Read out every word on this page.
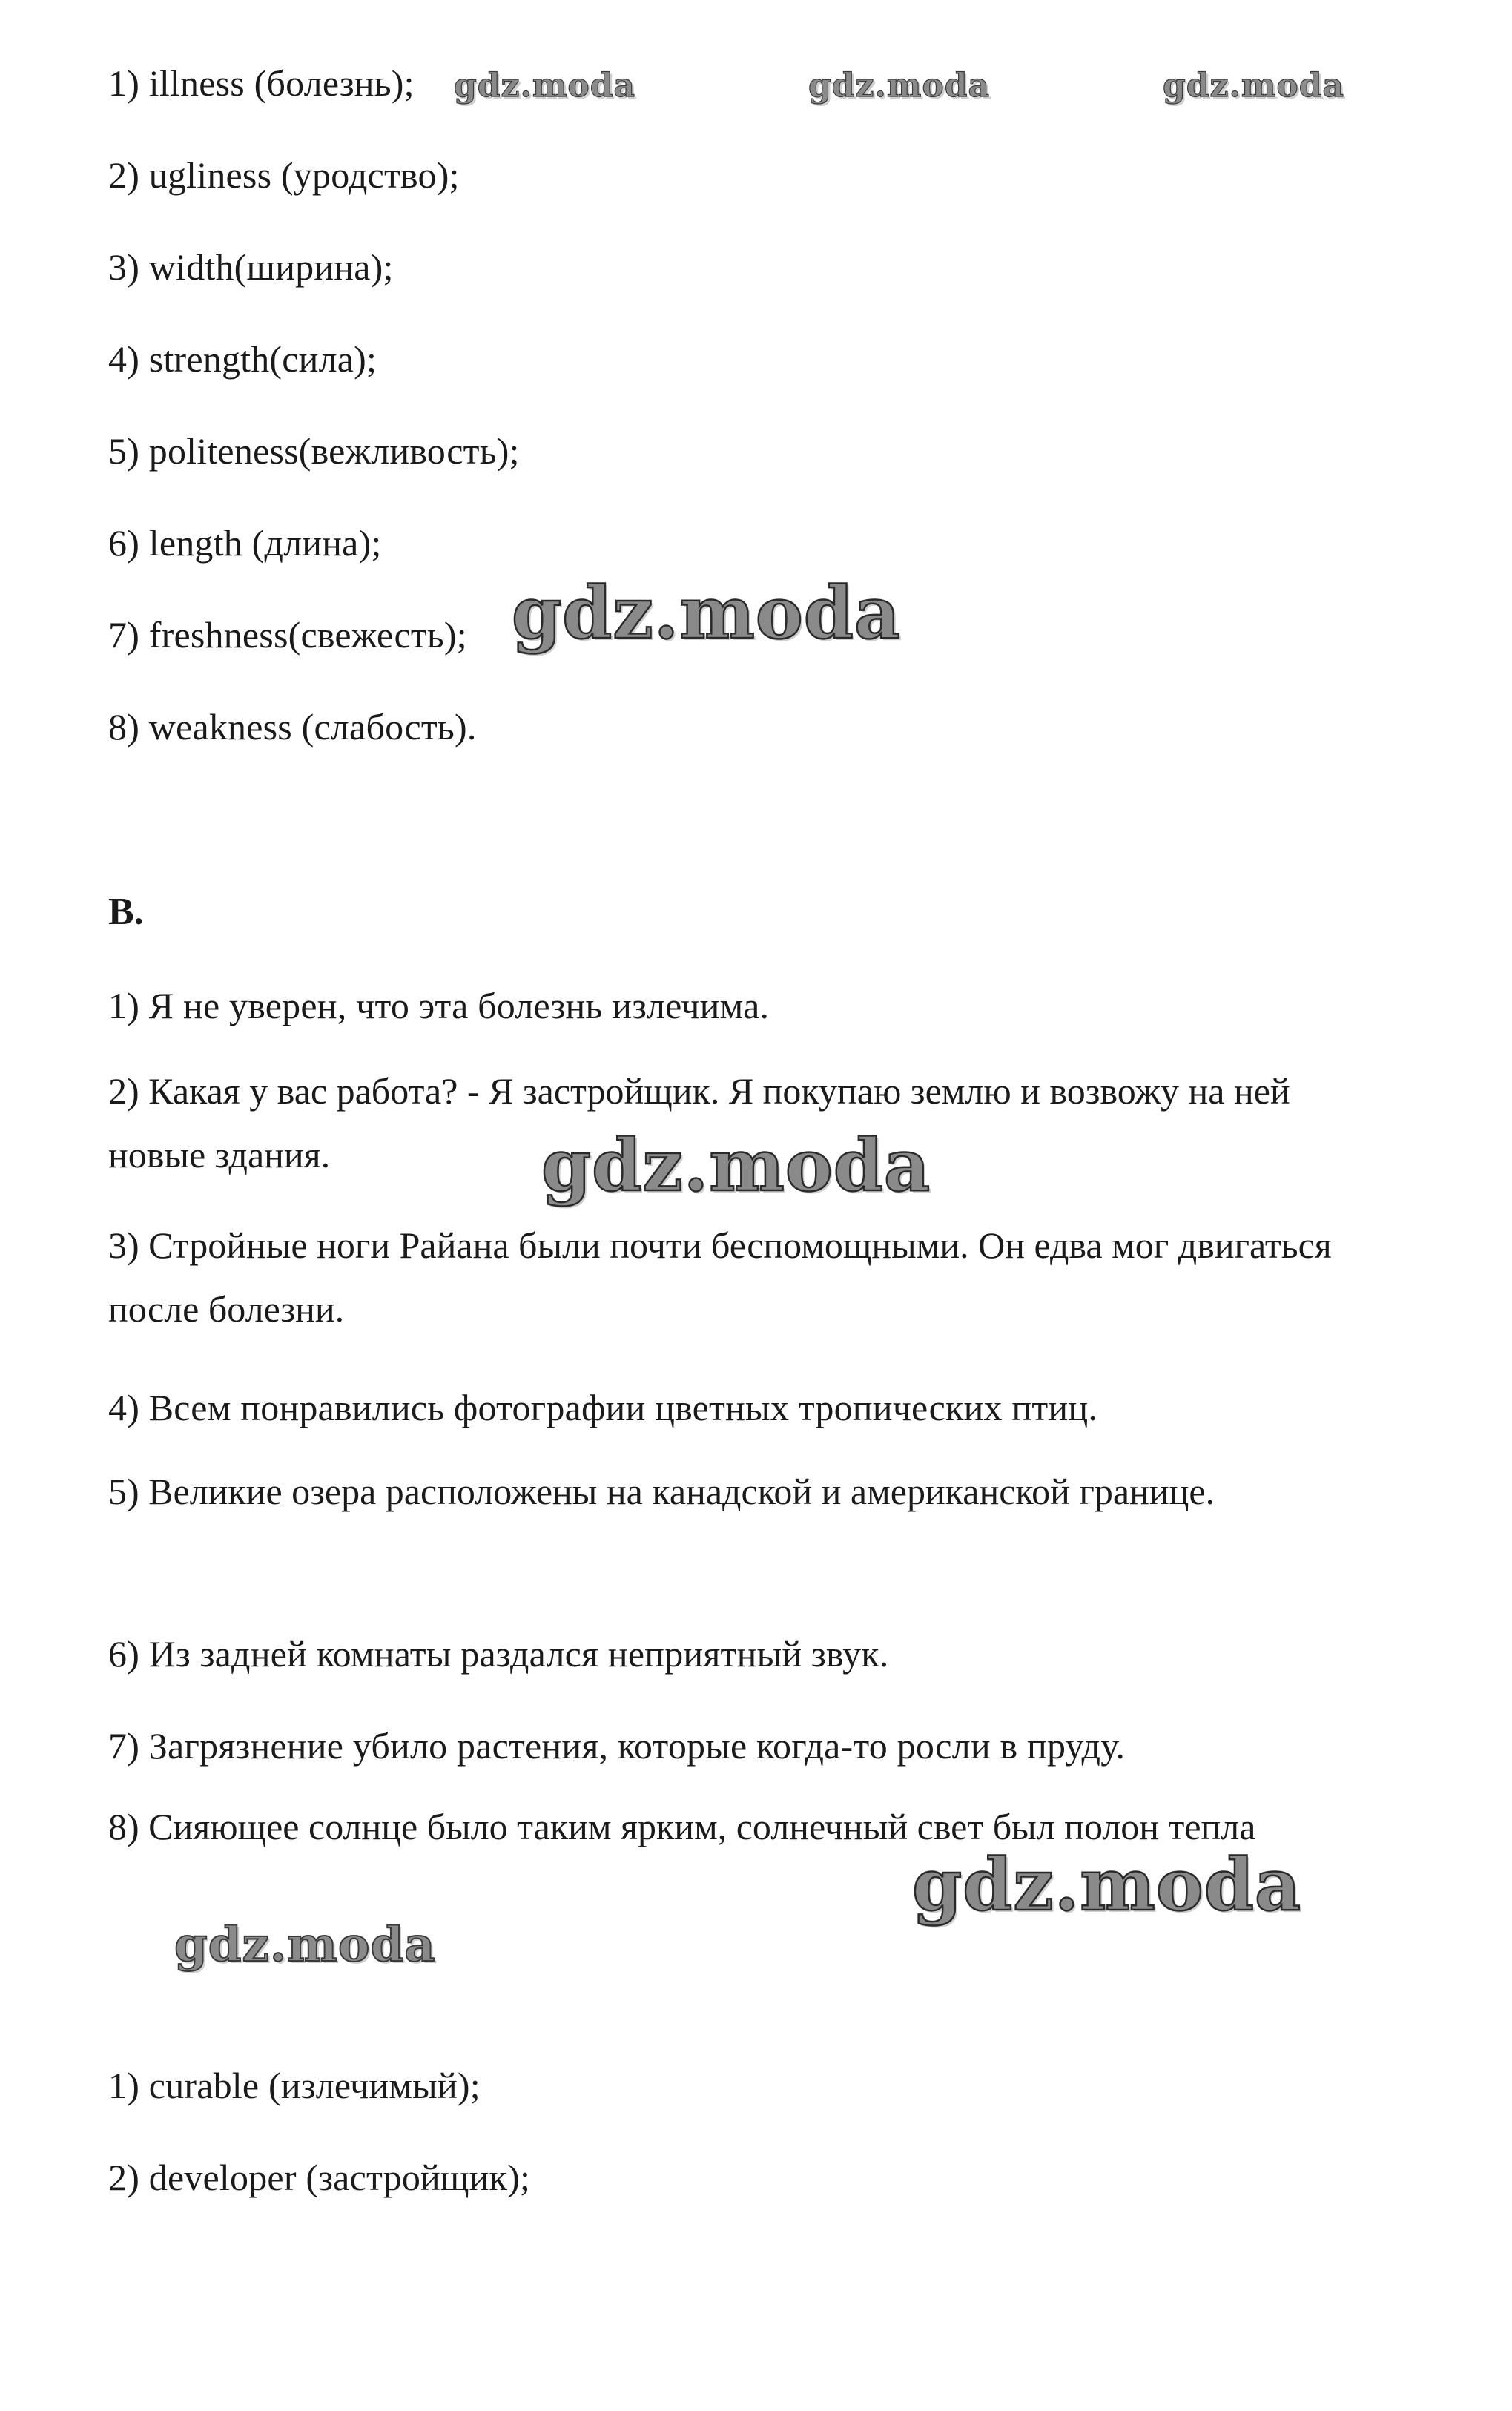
1) illness (болезнь);
2) ugliness (уродство);
3) width(ширина);
4) strength(сила);
5) politeness(вежливость);
6) length (длина);
7) freshness(свежесть);
8) weakness (слабость).
B.
1) Я не уверен, что эта болезнь излечима.
2) Какая у вас работа? - Я застройщик. Я покупаю землю и возвожу на ней новые здания.
3) Стройные ноги Райана были почти беспомощными. Он едва мог двигаться после болезни.
4) Всем понравились фотографии цветных тропических птиц.
5) Великие озера расположены на канадской и американской границе.
6) Из задней комнаты раздался неприятный звук.
7) Загрязнение убило растения, которые когда-то росли в пруду.
8) Сияющее солнце было таким ярким, солнечный свет был полон тепла
1) curable (излечимый);
2) developer (застройщик);
gdz.moda	gdz.moda	gdz.moda
gdz.moda
gdz.moda
gdz.moda
gdz.moda
